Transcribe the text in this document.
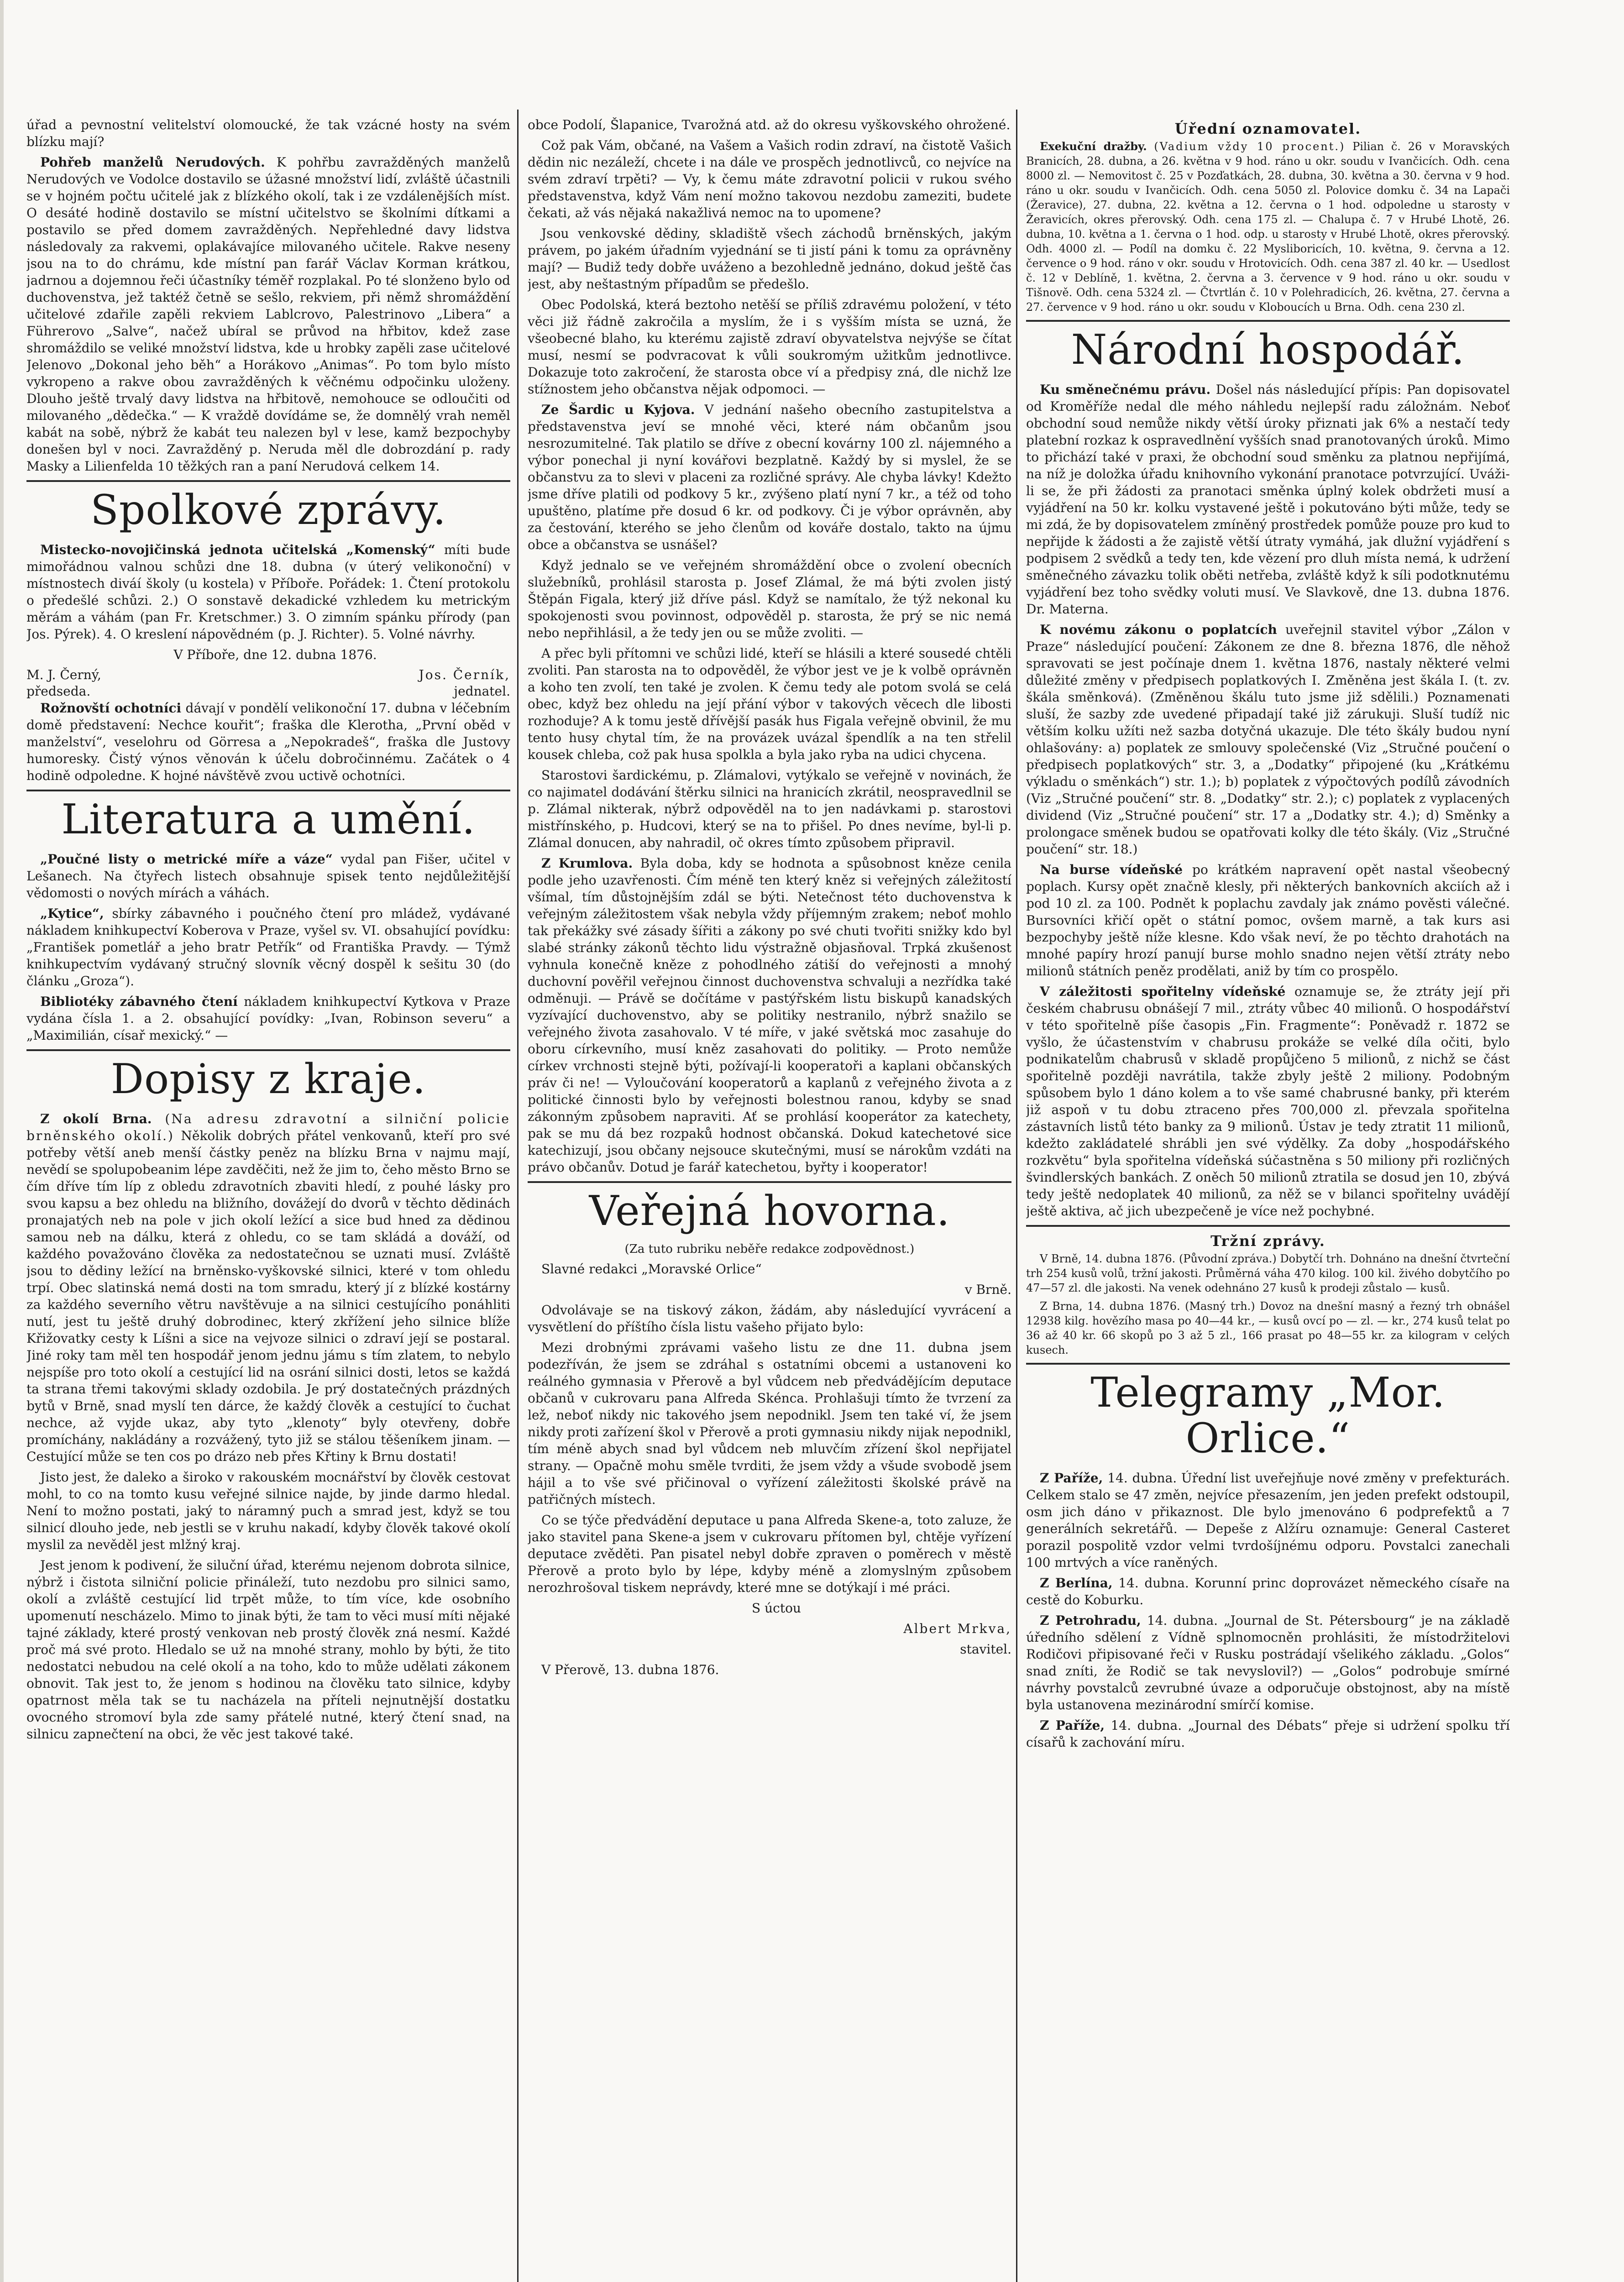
úřad a pevnostní velitelství olomoucké, že tak vzácné hosty na svém blízku mají?

Pohřeb manželů Nerudových. K pohřbu zavražděných manželů Nerudových ve Vodolce dostavilo se úžasné množství lidí, zvláště účastnili se v hojném počtu učitelé jak z blízkého okolí, tak i ze vzdálenějších míst. O desáté hodině dostavilo se místní učitelstvo se školními dítkami a postavilo se před domem zavražděných. Nepřehledné davy lidstva následovaly za rakvemi, oplakávajíce milovaného učitele. Rakve neseny jsou na to do chrámu, kde místní pan farář Václav Korman krátkou, jadrnou a dojemnou řeči účastníky téměř rozplakal. Po té slonženo bylo od duchovenstva, jež taktéž četně se sešlo, rekviem, při němž shromáždění učitelové zdařile zapěli rekviem Lablcrovo, Palestrinovo „Libera“ a Führerovo „Salve“, načež ubíral se průvod na hřbitov, kdež zase shromáždilo se veliké množství lidstva, kde u hrobky zapěli zase učitelové Jelenovo „Dokonal jeho běh“ a Horákovo „Animas“. Po tom bylo místo vykropeno a rakve obou zavražděných k věčnému odpočinku uloženy. Dlouho ještě trvalý davy lidstva na hřbitově, nemohouce se odloučiti od milovaného „dědečka.“ — K vraždě dovídáme se, že domnělý vrah neměl kabát na sobě, nýbrž že kabát teu nalezen byl v lese, kamž bezpochyby donešen byl v noci. Zavražděný p. Neruda měl dle dobrozdání p. rady Masky a Lilienfelda 10 těžkých ran a paní Nerudová celkem 14.

Spolkové zprávy.

Mistecko-novojičinská jednota učitelská „Komenský“ míti bude mimořádnou valnou schůzi dne 18. dubna (v úterý velikonoční) v místnostech diváí školy (u kostela) v Příboře. Pořádek: 1. Čtení protokolu o předešlé schůzi. 2.) O sonstavě dekadické vzhledem ku metrickým měrám a váhám (pan Fr. Kretschmer.) 3. O zimním spánku přírody (pan Jos. Pýrek). 4. O kreslení nápovědném (p. J. Richter). 5. Volné návrhy.

V Příboře, dne 12. dubna 1876.

M. J. Černý,	Jos. Černík,
předseda.	jednatel.

Rožnovští ochotníci dávají v pondělí velikonoční 17. dubna v léčebním domě představení: Nechce kouřit“; fraška dle Klerotha, „První oběd v manželství“, veselohru od Görresa a „Nepokradeš“, fraška dle Justovy humoresky. Čistý výnos věnován k účelu dobročinnému. Začátek o 4 hodině odpoledne. K hojné návštěvě zvou uctivě ochotníci.

Literatura a umění.

„Poučné listy o metrické míře a váze“ vydal pan Fišer, učitel v Lešanech. Na čtyřech listech obsahnuje spisek tento nejdůležitější vědomosti o nových mírách a váhách.

„Kytice“, sbírky zábavného i poučného čtení pro mládež, vydávané nákladem knihkupectví Koberova v Praze, vyšel sv. VI. obsahující povídku: „František pometlář a jeho bratr Petřík“ od Františka Pravdy. — Týmž knihkupectvím vydávaný stručný slovník věcný dospěl k sešitu 30 (do článku „Groza“).

Bibliotéky zábavného čtení nákladem knihkupectví Kytkova v Praze vydána čísla 1. a 2. obsahující povídky: „Ivan, Robinson severu“ a „Maximilián, císař mexický.“ —

Dopisy z kraje.

Z okolí Brna. (Na adresu zdravotní a silniční policie brněnského okolí.) Několik dobrých přátel venkovanů, kteří pro své potřeby větší aneb menší částky peněz na blízku Brna v najmu mají, nevědí se spolupobeanim lépe zavděčiti, než že jim to, čeho město Brno se čím dříve tím líp z obledu zdravotních zbaviti hledí, z pouhé lásky pro svou kapsu a bez ohledu na bližního, dovážejí do dvorů v těchto dědinách pronajatých neb na pole v jich okolí ležící a sice bud hned za dědinou samou neb na dálku, která z ohledu, co se tam skládá a dováží, od každého považováno člověka za nedostatečnou se uznati musí. Zvláště jsou to dědiny ležící na brněnsko-vyškovské silnici, které v tom ohledu trpí. Obec slatinská nemá dosti na tom smradu, který jí z blízké kostárny za každého severního větru navštěvuje a na silnici cestujícího ponáhliti nutí, jest tu ještě druhý dobrodinec, který zkřížení jeho silnice blíže Křižovatky cesty k Líšni a sice na vejvoze silnici o zdraví její se postaral. Jiné roky tam měl ten hospodář jenom jednu jámu s tím zlatem, to nebylo nejspíše pro toto okolí a cestující lid na osrání silnici dosti, letos se každá ta strana třemi takovými sklady ozdobila. Je prý dostatečných prázdných bytů v Brně, snad myslí ten dárce, že každý člověk a cestující to čuchat nechce, až vyjde ukaz, aby tyto „klenoty“ byly otevřeny, dobře promíchány, nakládány a rozvážený, tyto již se stálou těšeníkem jinam. — Cestující může se ten cos po drázo neb přes Křtiny k Brnu dostati!

Jisto jest, že daleko a široko v rakouském mocnářství by člověk cestovat mohl, to co na tomto kusu veřejné silnice najde, by jinde darmo hledal. Není to možno postati, jaký to náramný puch a smrad jest, když se tou silnicí dlouho jede, neb jestli se v kruhu nakadí, kdyby člověk takové okolí myslil za nevěděl jest mlžný kraj.

Jest jenom k podivení, že siluční úřad, kterému nejenom dobrota silnice, nýbrž i čistota silniční policie přináleží, tuto nezdobu pro silnici samo, okolí a zvláště cestující lid trpět může, to tím více, kde osobního upomenutí nescházelo. Mimo to jinak býti, že tam to věci musí míti nějaké tajné základy, které prostý venkovan neb prostý člověk zná nesmí. Každé proč má své proto. Hledalo se už na mnohé strany, mohlo by býti, že tito nedostatci nebudou na celé okolí a na toho, kdo to může udělati zákonem obnovit. Tak jest to, že jenom s hodinou na člověku tato silnice, kdyby opatrnost měla tak se tu nacházela na příteli nejnutnější dostatku ovocného stromoví byla zde samy přátelé nutné, který čtení snad, na silnicu zapnečtení na obci, že věc jest takové také.

obce Podolí, Šlapanice, Tvarožná atd. až do okresu vyškovského ohrožené.

Což pak Vám, občané, na Vašem a Vašich rodin zdraví, na čistotě Vašich dědin nic nezáleží, chcete i na dále ve prospěch jednotlivců, co nejvíce na svém zdraví trpěti? — Vy, k čemu máte zdravotní policii v rukou svého představenstva, když Vám není možno takovou nezdobu zameziti, budete čekati, až vás nějaká nakažlivá nemoc na to upomene?

Jsou venkovské dědiny, skladiště všech záchodů brněnských, jakým právem, po jakém úřadním vyjednání se ti jistí páni k tomu za oprávněny mají? — Budiž tedy dobře uváženo a bezohledně jednáno, dokud ještě čas jest, aby neštastným případům se předešlo.

Obec Podolská, která beztoho netěší se příliš zdravému položení, v této věci již řádně zakročila a myslím, že i s vyšším místa se uzná, že všeobecné blaho, ku kterému zajistě zdraví obyvatelstva nejvýše se čítat musí, nesmí se podvracovat k vůli soukromým užitkům jednotlivce. Dokazuje toto zakročení, že starosta obce ví a předpisy zná, dle nichž lze stížnostem jeho občanstva nějak odpomoci. —

Ze Šardic u Kyjova. V jednání našeho obecního zastupitelstva a představenstva jeví se mnohé věci, které nám občanům jsou nesrozumitelné. Tak platilo se dříve z obecní kovárny 100 zl. nájemného a výbor ponechal ji nyní kovářovi bezplatně. Každý by si myslel, že se občanstvu za to slevi v placeni za rozličné správy. Ale chyba lávky! Kdežto jsme dříve platili od podkovy 5 kr., zvýšeno platí nyní 7 kr., a též od toho upuštěno, platíme pře dosud 6 kr. od podkovy. Či je výbor oprávněn, aby za čestování, kterého se jeho členům od kováře dostalo, takto na újmu obce a občanstva se usnášel?

Když jednalo se ve veřejném shromáždění obce o zvolení obecních služebníků, prohlásil starosta p. Josef Zlámal, že má býti zvolen jistý Štěpán Figala, který již dříve pásl. Když se namítalo, že týž nekonal ku spokojenosti svou povinnost, odpověděl p. starosta, že prý se nic nemá nebo nepřihlásil, a že tedy jen ou se může zvoliti. —

A přec byli přítomni ve schůzi lidé, kteří se hlásili a které sousedé chtěli zvoliti. Pan starosta na to odpověděl, že výbor jest ve je k volbě oprávněn a koho ten zvolí, ten také je zvolen. K čemu tedy ale potom svolá se celá obec, když bez ohledu na její přání výbor v takových věcech dle libosti rozhoduje? A k tomu jestě dřívější pasák hus Figala veřejně obvinil, že mu tento husy chytal tím, že na provázek uvázal špendlík a na ten střelil kousek chleba, což pak husa spolkla a byla jako ryba na udici chycena.

Starostovi šardickému, p. Zlámalovi, vytýkalo se veřejně v novinách, že co najimatel dodávání štěrku silnici na hranicích zkrátil, neospravedlnil se p. Zlámal nikterak, nýbrž odpověděl na to jen nadávkami p. starostovi mistřínského, p. Hudcovi, který se na to přišel. Po dnes nevíme, byl-li p. Zlámal donucen, aby nahradil, oč okres tímto způsobem připravil.

Z Krumlova. Byla doba, kdy se hodnota a spůsobnost kněze cenila podle jeho uzavřenosti. Čím méně ten který kněz si veřejných záležitostí všímal, tím důstojnějším zdál se býti. Netečnost této duchovenstva k veřejným záležitostem však nebyla vždy příjemným zrakem; neboť mohlo tak překážky své zásady šířiti a zákony po své chuti tvořiti snižky kdo byl slabé stránky zákonů těchto lidu výstražně objasňoval. Trpká zkušenost vyhnula konečně kněze z pohodlného zátiší do veřejnosti a mnohý duchovní pověřil veřejnou činnost duchovenstva schvaluji a nezřídka také odměnuji. — Právě se dočítáme v pastýřském listu biskupů kanadských vyzívající duchovenstvo, aby se politiky nestranilo, nýbrž snažilo se veřejného života zasahovalo. V té míře, v jaké světská moc zasahuje do oboru církevního, musí kněz zasahovati do politiky. — Proto nemůže církev vrchnosti stejně býti, požívají-li kooperatoři a kaplani občanských práv či ne! — Vyloučování kooperatorů a kaplanů z veřejného života a z politické činnosti bylo by veřejnosti bolestnou ranou, kdyby se snad zákonným způsobem napraviti. Ať se prohlásí kooperátor za katechety, pak se mu dá bez rozpaků hodnost občanská. Dokud katechetové sice katechizují, jsou občany nejsouce skutečnými, musí se nárokům vzdáti na právo občanův. Dotud je farář katechetou, byřty i kooperator!

Veřejná hovorna.
(Za tuto rubriku neběře redakce zodpovědnost.)

Slavné redakci „Moravské Orlice“

v Brně.

Odvolávaje se na tiskový zákon, žádám, aby následující vyvrácení a vysvětlení do příštího čísla listu vašeho přijato bylo:

Mezi drobnými zprávami vašeho listu ze dne 11. dubna jsem podezříván, že jsem se zdráhal s ostatními obcemi a ustanoveni ko reálného gymnasia v Přerově a byl vůdcem neb předvádějícím deputace občanů v cukrovaru pana Alfreda Skénca. Prohlašuji tímto že tvrzení za lež, neboť nikdy nic takového jsem nepodnikl. Jsem ten také ví, že jsem nikdy proti zařízení škol v Přerově a proti gymnasiu nikdy nijak nepodnikl, tím méně abych snad byl vůdcem neb mluvčím zřízení škol nepřijatel strany. — Opačně mohu směle tvrditi, že jsem vždy a všude svobodě jsem hájil a to vše své přičinoval o vyřízení záležitosti školské právě na patřičných místech.

Co se týče předvádění deputace u pana Alfreda Skene-a, toto zaluze, že jako stavitel pana Skene-a jsem v cukrovaru přítomen byl, chtěje vyřízení deputace zvěděti. Pan pisatel nebyl dobře zpraven o poměrech v městě Přerově a proto bylo by lépe, kdyby méně a zlomyslným způsobem nerozhrošoval tiskem neprávdy, které mne se dotýkají i mé práci.

S úctou

Albert Mrkva,

stavitel.

V Přerově, 13. dubna 1876.

Úřední oznamovatel.

Exekuční dražby. (Vadium vždy 10 procent.) Pilian č. 26 v Moravských Branicích, 28. dubna, a 26. května v 9 hod. ráno u okr. soudu v Ivančicích. Odh. cena 8000 zl. — Nemovitost č. 25 v Pozďatkách, 28. dubna, 30. května a 30. června v 9 hod. ráno u okr. soudu v Ivančicích. Odh. cena 5050 zl. Polovice domku č. 34 na Lapači (Žeravice), 27. dubna, 22. května a 12. června o 1 hod. odpoledne u starosty v Žeravicích, okres přerovský. Odh. cena 175 zl. — Chalupa č. 7 v Hrubé Lhotě, 26. dubna, 10. května a 1. června o 1 hod. odp. u starosty v Hrubé Lhotě, okres přerovský. Odh. 4000 zl. — Podíl na domku č. 22 Mysliboricích, 10. května, 9. června a 12. července o 9 hod. ráno v okr. soudu v Hrotovicích. Odh. cena 387 zl. 40 kr. — Usedlost č. 12 v Deblíně, 1. května, 2. června a 3. července v 9 hod. ráno u okr. soudu v Tišnově. Odh. cena 5324 zl. — Čtvrtlán č. 10 v Polehradicích, 26. května, 27. června a 27. července v 9 hod. ráno u okr. soudu v Kloboucích u Brna. Odh. cena 230 zl.

Národní hospodář.

Ku směnečnému právu. Došel nás následující přípis: Pan dopisovatel od Kroměříže nedal dle mého náhledu nejlepší radu záložnám. Neboť obchodní soud nemůže nikdy větší úroky přiznati jak 6% a nestačí tedy platební rozkaz k ospravedlnění vyšších snad pranotovaných úroků. Mimo to přichází také v praxi, že obchodní soud směnku za platnou nepřijímá, na níž je doložka úřadu knihovního vykonání pranotace potvrzující. Uváži-li se, že při žádosti za pranotaci směnka úplný kolek obdržeti musí a vyjádření na 50 kr. kolku vystavené ještě i pokutováno býti může, tedy se mi zdá, že by dopisovatelem zmíněný prostředek pomůže pouze pro kud to nepřijde k žádosti a že zajistě větší útraty vymáhá, jak dlužní vyjádření s podpisem 2 svědků a tedy ten, kde vězení pro dluh místa nemá, k udržení směnečného závazku tolik oběti netřeba, zvláště když k síli podotknutému vyjádření bez toho svědky voluti musí. Ve Slavkově, dne 13. dubna 1876. Dr. Materna.

K novému zákonu o poplatcích uveřejnil stavitel výbor „Zálon v Praze“ následující poučení: Zákonem ze dne 8. března 1876, dle něhož spravovati se jest počínaje dnem 1. května 1876, nastaly některé velmi důležité změny v předpisech poplatkových I. Změněna jest škála I. (t. zv. škála směnková). (Změněnou škálu tuto jsme již sdělili.) Poznamenati sluší, že sazby zde uvedené připadají také již zárukuji. Sluší tudíž nic větším kolku užíti než sazba dotyčná ukazuje. Dle této škály budou nyní ohlašovány: a) poplatek ze smlouvy společenské (Viz „Stručné poučení o předpisech poplatkových“ str. 3, a „Dodatky“ připojené (ku „Krátkému výkladu o směnkách“) str. 1.); b) poplatek z výpočtových podílů závodních (Viz „Stručné poučení“ str. 8. „Dodatky“ str. 2.); c) poplatek z vyplacených dividend (Viz „Stručné poučení“ str. 17 a „Dodatky str. 4.); d) Směnky a prolongace směnek budou se opatřovati kolky dle této škály. (Viz „Stručné poučení“ str. 18.)

Na burse vídeňské po krátkém napravení opět nastal všeobecný poplach. Kursy opět značně klesly, při některých bankovních akciích až i pod 10 zl. za 100. Podnět k poplachu zavdaly jak známo pověsti válečné. Bursovníci křičí opět o státní pomoc, ovšem marně, a tak kurs asi bezpochyby ještě níže klesne. Kdo však neví, že po těchto drahotách na mnohé papíry hrozí panují burse mohlo snadno nejen větší ztráty nebo milionů státních peněz prodělati, aniž by tím co prospělo.

V záležitosti spořitelny vídeňské oznamuje se, že ztráty její při českém chabrusu obnášejí 7 mil., ztráty vůbec 40 milionů. O hospodářství v této spořitelně píše časopis „Fin. Fragmente“: Poněvadž r. 1872 se vyšlo, že účastenstvím v chabrusu prokáže se velké díla očiti, bylo podnikatelům chabrusů v skladě propůjčeno 5 milionů, z nichž se část spořitelně později navrátila, takže zbyly ještě 2 miliony. Podobným spůsobem bylo 1 dáno kolem a to vše samé chabrusné banky, při kterém již aspoň v tu dobu ztraceno přes 700,000 zl. převzala spořitelna zástavních listů této banky za 9 milionů. Ústav je tedy ztratit 11 milionů, kdežto zakládatelé shrábli jen své výdělky. Za doby „hospodářského rozkvětu“ byla spořitelna vídeňská súčastněna s 50 miliony při rozličných švindlerských bankách. Z oněch 50 milionů ztratila se dosud jen 10, zbývá tedy ještě nedoplatek 40 milionů, za něž se v bilanci spořitelny uvádějí ještě aktiva, ač jich ubezpečeně je více než pochybné.

Tržní zprávy.

V Brně, 14. dubna 1876. (Původní zpráva.) Dobytčí trh. Dohnáno na dnešní čtvrteční trh 254 kusů volů, tržní jakosti. Průměrná váha 470 kilog. 100 kil. živého dobytčího po 47—57 zl. dle jakosti. Na venek odehnáno 27 kusů k prodeji zůstalo — kusů.

Z Brna, 14. dubna 1876. (Masný trh.) Dovoz na dnešní masný a řezný trh obnášel 12938 kilg. hovězího masa po 40—44 kr., — kusů ovcí po — zl. — kr., 274 kusů telat po 36 až 40 kr. 66 skopů po 3 až 5 zl., 166 prasat po 48—55 kr. za kilogram v celých kusech.

Telegramy „Mor. Orlice.“

Z Paříže, 14. dubna. Úřední list uveřejňuje nové změny v prefekturách. Celkem stalo se 47 změn, nejvíce přesazením, jen jeden prefekt odstoupil, osm jich dáno v přikaznost. Dle bylo jmenováno 6 podprefektů a 7 generálních sekretářů. — Depeše z Alžíru oznamuje: General Casteret porazil pospolitě vzdor velmi tvrdošíjnému odporu. Povstalci zanechali 100 mrtvých a více raněných.

Z Berlína, 14. dubna. Korunní princ doprovázet německého císaře na cestě do Koburku.

Z Petrohradu, 14. dubna. „Journal de St. Pétersbourg“ je na základě úředního sdělení z Vídně splnomocněn prohlásiti, že místodržitelovi Rodičovi připisované řeči v Rusku postrádají všelikého základu. „Golos“ snad zníti, že Rodič se tak nevyslovil?) — „Golos“ podrobuje smírné návrhy povstalců zevrubné úvaze a odporučuje obstojnost, aby na místě byla ustanovena mezinárodní smírčí komise.

Z Paříže, 14. dubna. „Journal des Débats“ přeje si udržení spolku tří císařů k zachování míru.
